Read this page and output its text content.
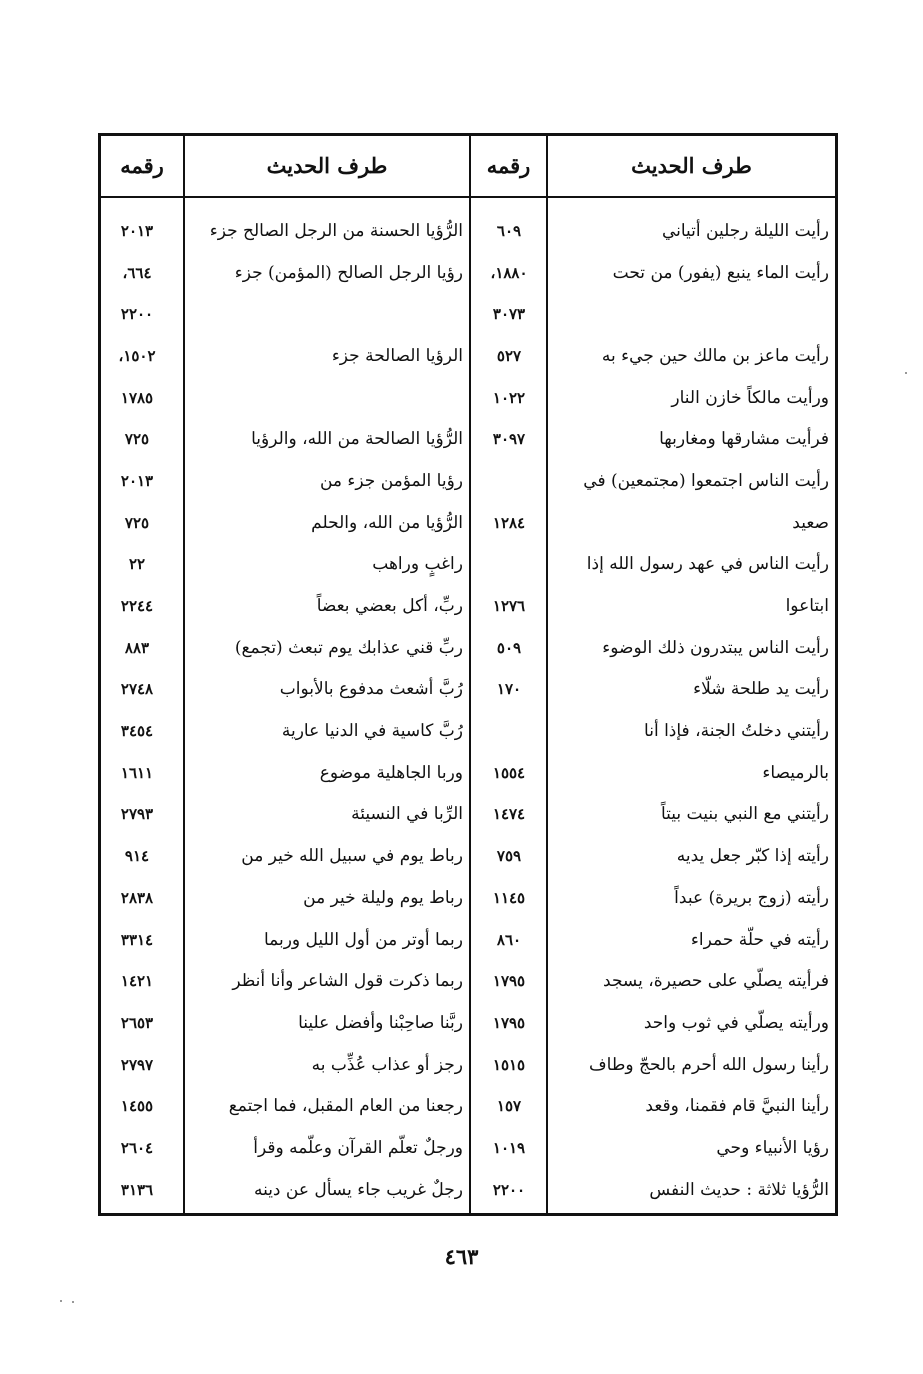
طرف الحديث
رقمه
طرف الحديث
رقمه
رأيت الليلة رجلين أتياني
٦٠٩
الرُّؤيا الحسنة من الرجل الصالح جزء
٢٠١٣
رأيت الماء ينبع (يفور) من تحت
١٨٨٠،
رؤيا الرجل الصالح (المؤمن) جزء
٦٦٤،
٣٠٧٣
٢٢٠٠
رأيت ماعز بن مالك حين جيء به
٥٢٧
الرؤيا الصالحة جزء
١٥٠٢،
ورأيت مالكاً خازن النار
١٠٢٢
١٧٨٥
فرأيت مشارقها ومغاربها
٣٠٩٧
الرُّؤيا الصالحة من الله، والرؤيا
٧٢٥
رأيت الناس اجتمعوا (مجتمعين) في
رؤيا المؤمن جزء من
٢٠١٣
صعيد
١٢٨٤
الرُّؤيا من الله، والحلم
٧٢٥
رأيت الناس في عهد رسول الله إذا
راغبٍ وراهب
٢٢
ابتاعوا
١٢٧٦
ربِّ، أكل بعضي بعضاً
٢٢٤٤
رأيت الناس يبتدرون ذلك الوضوء
٥٠٩
ربِّ قني عذابك يوم تبعث (تجمع)
٨٨٣
رأيت يد طلحة شلّاء
١٧٠
رُبَّ أشعث مدفوع بالأبواب
٢٧٤٨
رأيتني دخلتُ الجنة، فإذا أنا
رُبَّ كاسية في الدنيا عارية
٣٤٥٤
بالرميصاء
١٥٥٤
وربا الجاهلية موضوع
١٦١١
رأيتني مع النبي بنيت بيتاً
١٤٧٤
الرِّبا في النسيئة
٢٧٩٣
رأيته إذا كبّر جعل يديه
٧٥٩
رباط يوم في سبيل الله خير من
٩١٤
رأيته (زوج بريرة) عبداً
١١٤٥
رباط يوم وليلة خير من
٢٨٣٨
رأيته في حلّة حمراء
٨٦٠
ربما أوتر من أول الليل وربما
٣٣١٤
فرأيته يصلّي على حصيرة، يسجد
١٧٩٥
ربما ذكرت قول الشاعر وأنا أنظر
١٤٢١
ورأيته يصلّي في ثوب واحد
١٧٩٥
ربَّنا صاحِبْنا وأفضل علينا
٢٦٥٣
رأينا رسول الله أحرم بالحجّ وطاف
١٥١٥
رجز أو عذاب عُذِّب به
٢٧٩٧
رأينا النبيَّ قام فقمنا، وقعد
١٥٧
رجعنا من العام المقبل، فما اجتمع
١٤٥٥
رؤيا الأنبياء وحي
١٠١٩
ورجلٌ تعلّم القرآن وعلّمه وقرأ
٢٦٠٤
الرُّؤيا ثلاثة : حديث النفس
٢٢٠٠
رجلٌ غريب جاء يسأل عن دينه
٣١٣٦
٤٦٣
